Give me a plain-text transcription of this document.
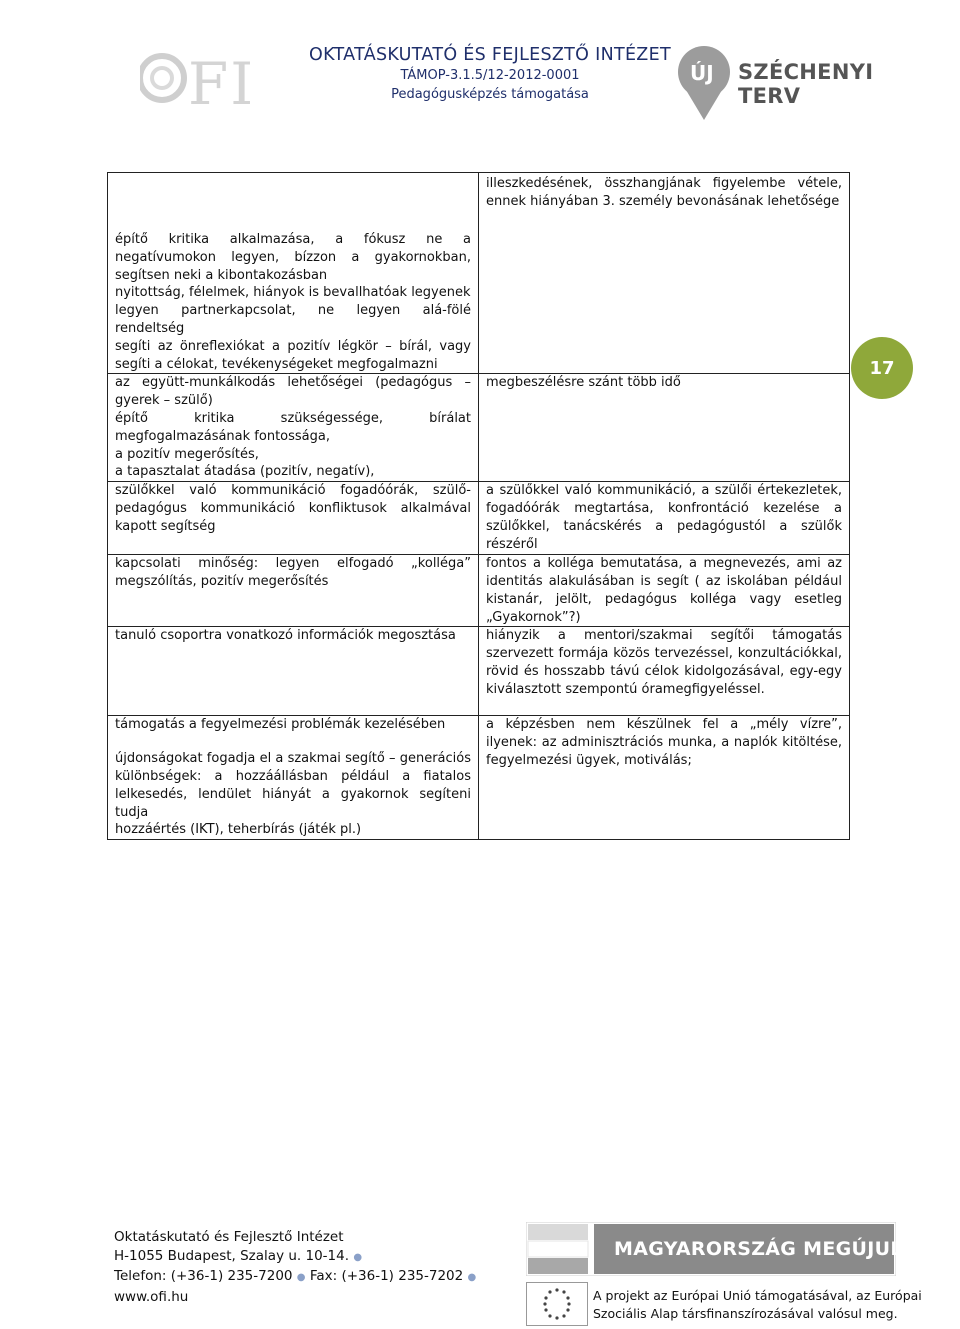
FI	OKTATÁSKUTATÓ ÉS FEJLESZTŐ INTÉZET
TÁMOP-3.1.5/12-2012-0001
Pedagógusképzés támogatása
ÚJ SZÉCHENYI TERV
17

építő kritika alkalmazása, a fókusz ne a negatívumokon legyen, bízzon a gyakornokban, segítsen neki a kibontakozásban

nyitottság, félelmek, hiányok is bevallhatóak legyenek

legyen partnerkapcsolat, ne legyen alá-fölé rendeltség

segíti az önreflexiókat a pozitív légkör – bírál, vagy segíti a célokat, tevékenységeket megfogalmazni	illeszkedésének, összhangjának figyelembe vétele, ennek hiányában 3. személy bevonásának lehetősége

az együtt-munkálkodás lehetőségei (pedagógus – gyerek – szülő)

építő kritika szükségessége, bírálat megfogalmazásának fontossága,

a pozitív megerősítés,

a tapasztalat átadása (pozitív, negatív),	megbeszélésre szánt több idő

szülőkkel való kommunikáció fogadóórák, szülő-pedagógus kommunikáció konfliktusok alkalmával kapott segítség	a szülőkkel való kommunikáció, a szülői értekezletek, fogadóórák megtartása, konfrontáció kezelése a szülőkkel, tanácskérés a pedagógustól a szülők részéről

kapcsolati minőség: legyen elfogadó „kolléga” megszólítás, pozitív megerősítés	fontos a kolléga bemutatása, a megnevezés, ami az identitás alakulásában is segít ( az iskolában például kistanár, jelölt, pedagógus kolléga vagy esetleg „Gyakornok”?)

tanuló csoportra vonatkozó információk megosztása	hiányzik a mentori/szakmai segítői támogatás szervezett formája közös tervezéssel, konzultációkkal, rövid és hosszabb távú célok kidolgozásával, egy-egy kiválasztott szempontú óramegfigyeléssel.

támogatás a fegyelmezési problémák kezelésében

újdonságokat fogadja el a szakmai segítő – generációs különbségek: a hozzáállásban például a fiatalos lelkesedés, lendület hiányát a gyakornok segíteni tudja

hozzáértés (IKT), teherbírás (játék pl.)	a képzésben nem készülnek fel a „mély vízre”, ilyenek: az adminisztrációs munka, a naplók kitöltése, fegyelmezési ügyek, motiválás;

Oktatáskutató és Fejlesztő Intézet
H-1055 Budapest, Szalay u. 10-14. ●
Telefon: (+36-1) 235-7200 ● Fax: (+36-1) 235-7202 ●
www.ofi.hu
MAGYARORSZÁG MEGÚJUL
A projekt az Európai Unió támogatásával, az Európai
Szociális Alap társfinanszírozásával valósul meg.
